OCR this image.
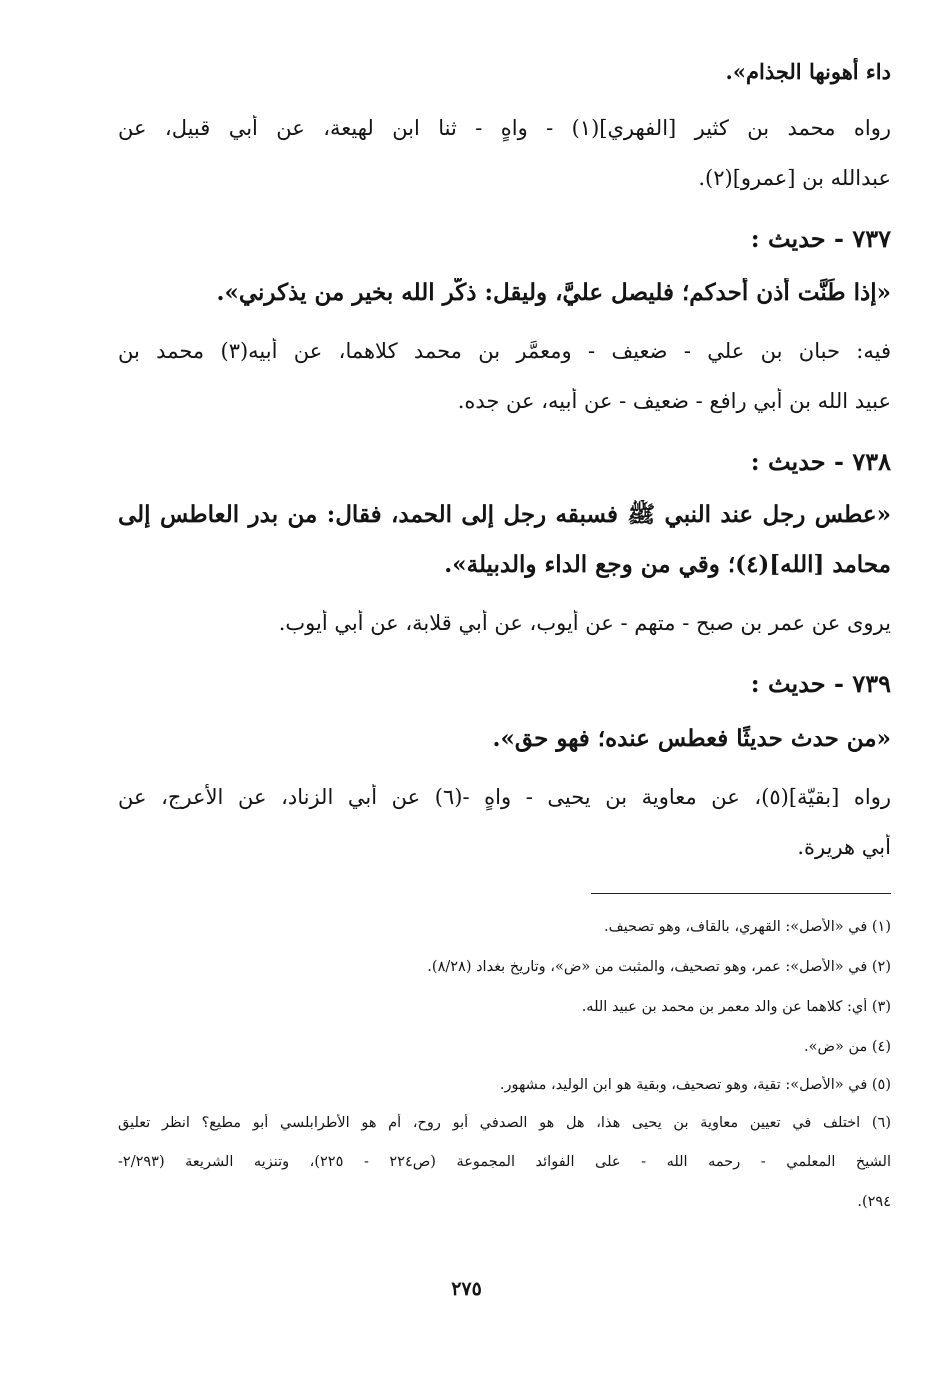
داء أهونها الجذام».
رواه محمد بن كثير [الفهري](١) - واهٍ - ثنا ابن لهيعة، عن أبي قبيل، عن
عبدالله بن [عمرو](٢).
٧٣٧ - حديث :
«إذا طَنَّت أذن أحدكم؛ فليصل عليَّ، وليقل: ذكَّر الله بخير من يذكرني».
فيه: حبان بن علي - ضعيف - ومعمَّر بن محمد كلاهما، عن أبيه(٣) محمد بن
عبيد الله بن أبي رافع - ضعيف - عن أبيه، عن جده.
٧٣٨ - حديث :
«عطس رجل عند النبي ﷺ فسبقه رجل إلى الحمد، فقال: من بدر العاطس إلى
محامد [الله](٤)؛ وقي من وجع الداء والدبيلة».
يروى عن عمر بن صبح - متهم - عن أيوب، عن أبي قلابة، عن أبي أيوب.
٧٣٩ - حديث :
«من حدث حديثًا فعطس عنده؛ فهو حق».
رواه [بقيّة](٥)، عن معاوية بن يحيى - واهٍ -(٦) عن أبي الزناد، عن الأعرج، عن
أبي هريرة.
(١) في «الأصل»: القهري، بالقاف، وهو تصحيف.
(٢) في «الأصل»: عمر، وهو تصحيف، والمثبت من «ض»، وتاريخ بغداد (٨/٢٨).
(٣) أي: كلاهما عن والد معمر بن محمد بن عبيد الله.
(٤) من «ض».
(٥) في «الأصل»: تقية، وهو تصحيف، وبقية هو ابن الوليد، مشهور.
(٦) اختلف في تعيين معاوية بن يحيى هذا، هل هو الصدفي أبو روح، أم هو الأطرابلسي أبو مطيع؟ انظر تعليق
الشيخ المعلمي - رحمه الله - على الفوائد المجموعة (ص٢٢٤ - ٢٢٥)، وتنزيه الشريعة (٢/٢٩٣-
٢٩٤).
٢٧٥
